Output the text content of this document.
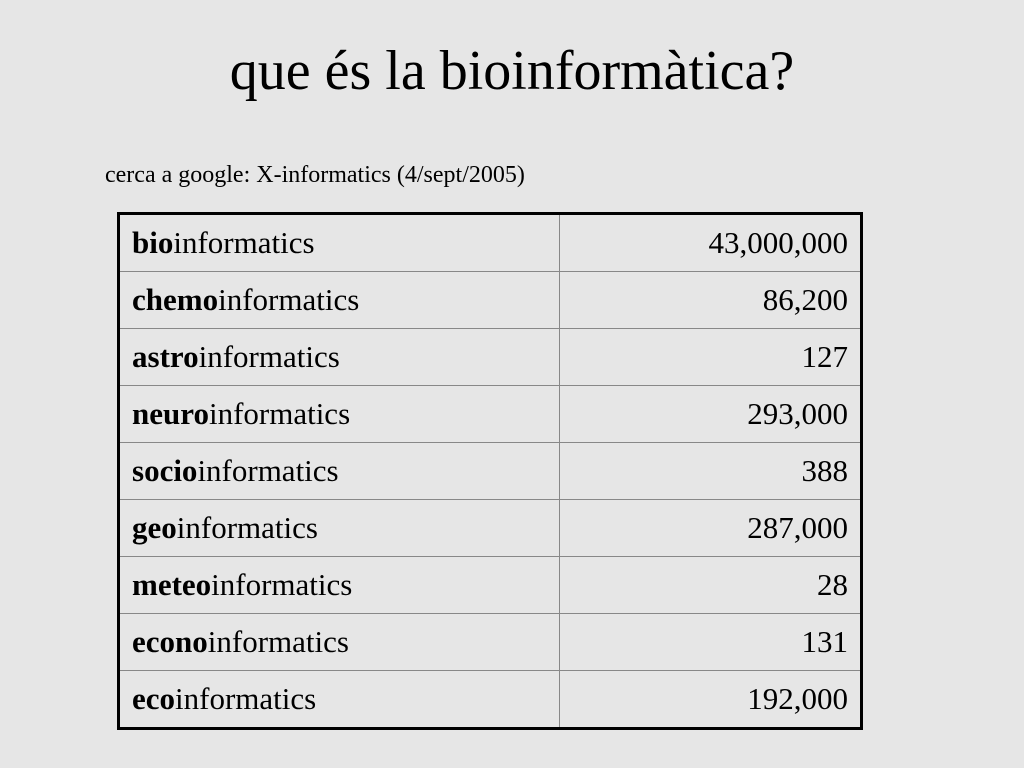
que és la bioinformàtica?
cerca a google: X-informatics (4/sept/2005)
bioinformatics	43,000,000
chemoinformatics	86,200
astroinformatics	127
neuroinformatics	293,000
socioinformatics	388
geoinformatics	287,000
meteoinformatics	28
econoinformatics	131
ecoinformatics	192,000
